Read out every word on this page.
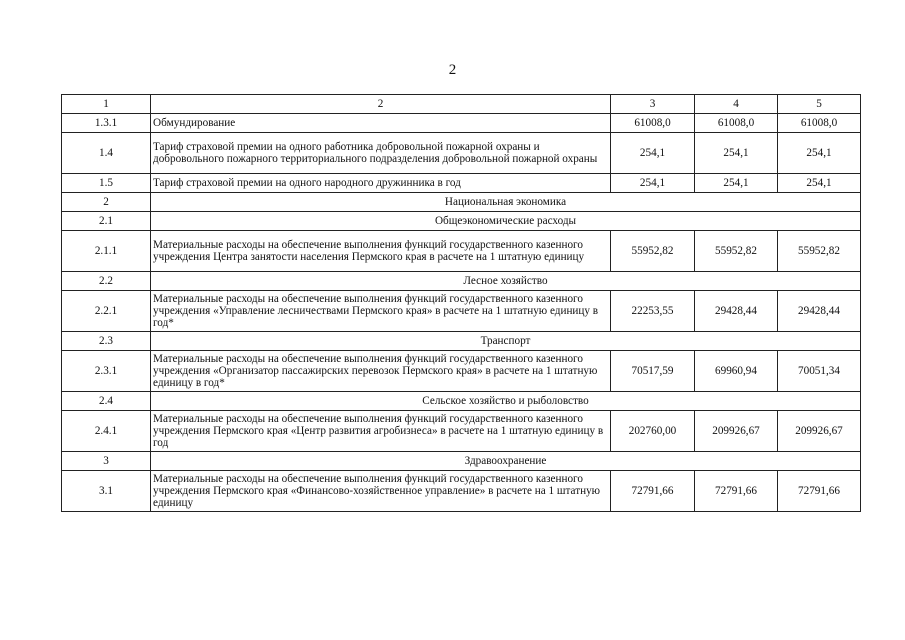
2
1	2	3	4	5
1.3.1	Обмундирование	61008,0	61008,0	61008,0
1.4	Тариф страховой премии на одного работника добровольной пожарной охраны и добровольного пожарного территориального подразделения добровольной пожарной охраны	254,1	254,1	254,1
1.5	Тариф страховой премии на одного народного дружинника в год	254,1	254,1	254,1
2	Национальная экономика			
2.1	Общеэкономические расходы			
2.1.1	Материальные расходы на обеспечение выполнения функций государственного казенного учреждения Центра занятости населения Пермского края в расчете на 1 штатную единицу	55952,82	55952,82	55952,82
2.2	Лесное хозяйство			
2.2.1	Материальные расходы на обеспечение выполнения функций государственного казенного учреждения «Управление лесничествами Пермского края» в расчете на 1 штатную единицу в год*	22253,55	29428,44	29428,44
2.3	Транспорт			
2.3.1	Материальные расходы на обеспечение выполнения функций государственного казенного учреждения «Организатор пассажирских перевозок Пермского края» в расчете на 1 штатную единицу в год*	70517,59	69960,94	70051,34
2.4	Сельское хозяйство и рыболовство			
2.4.1	Материальные расходы на обеспечение выполнения функций государственного казенного учреждения Пермского края «Центр развития агробизнеса» в расчете на 1 штатную единицу в год	202760,00	209926,67	209926,67
3	Здравоохранение			
3.1	Материальные расходы на обеспечение выполнения функций государственного казенного учреждения Пермского края «Финансово-хозяйственное управление» в расчете на 1 штатную единицу	72791,66	72791,66	72791,66
